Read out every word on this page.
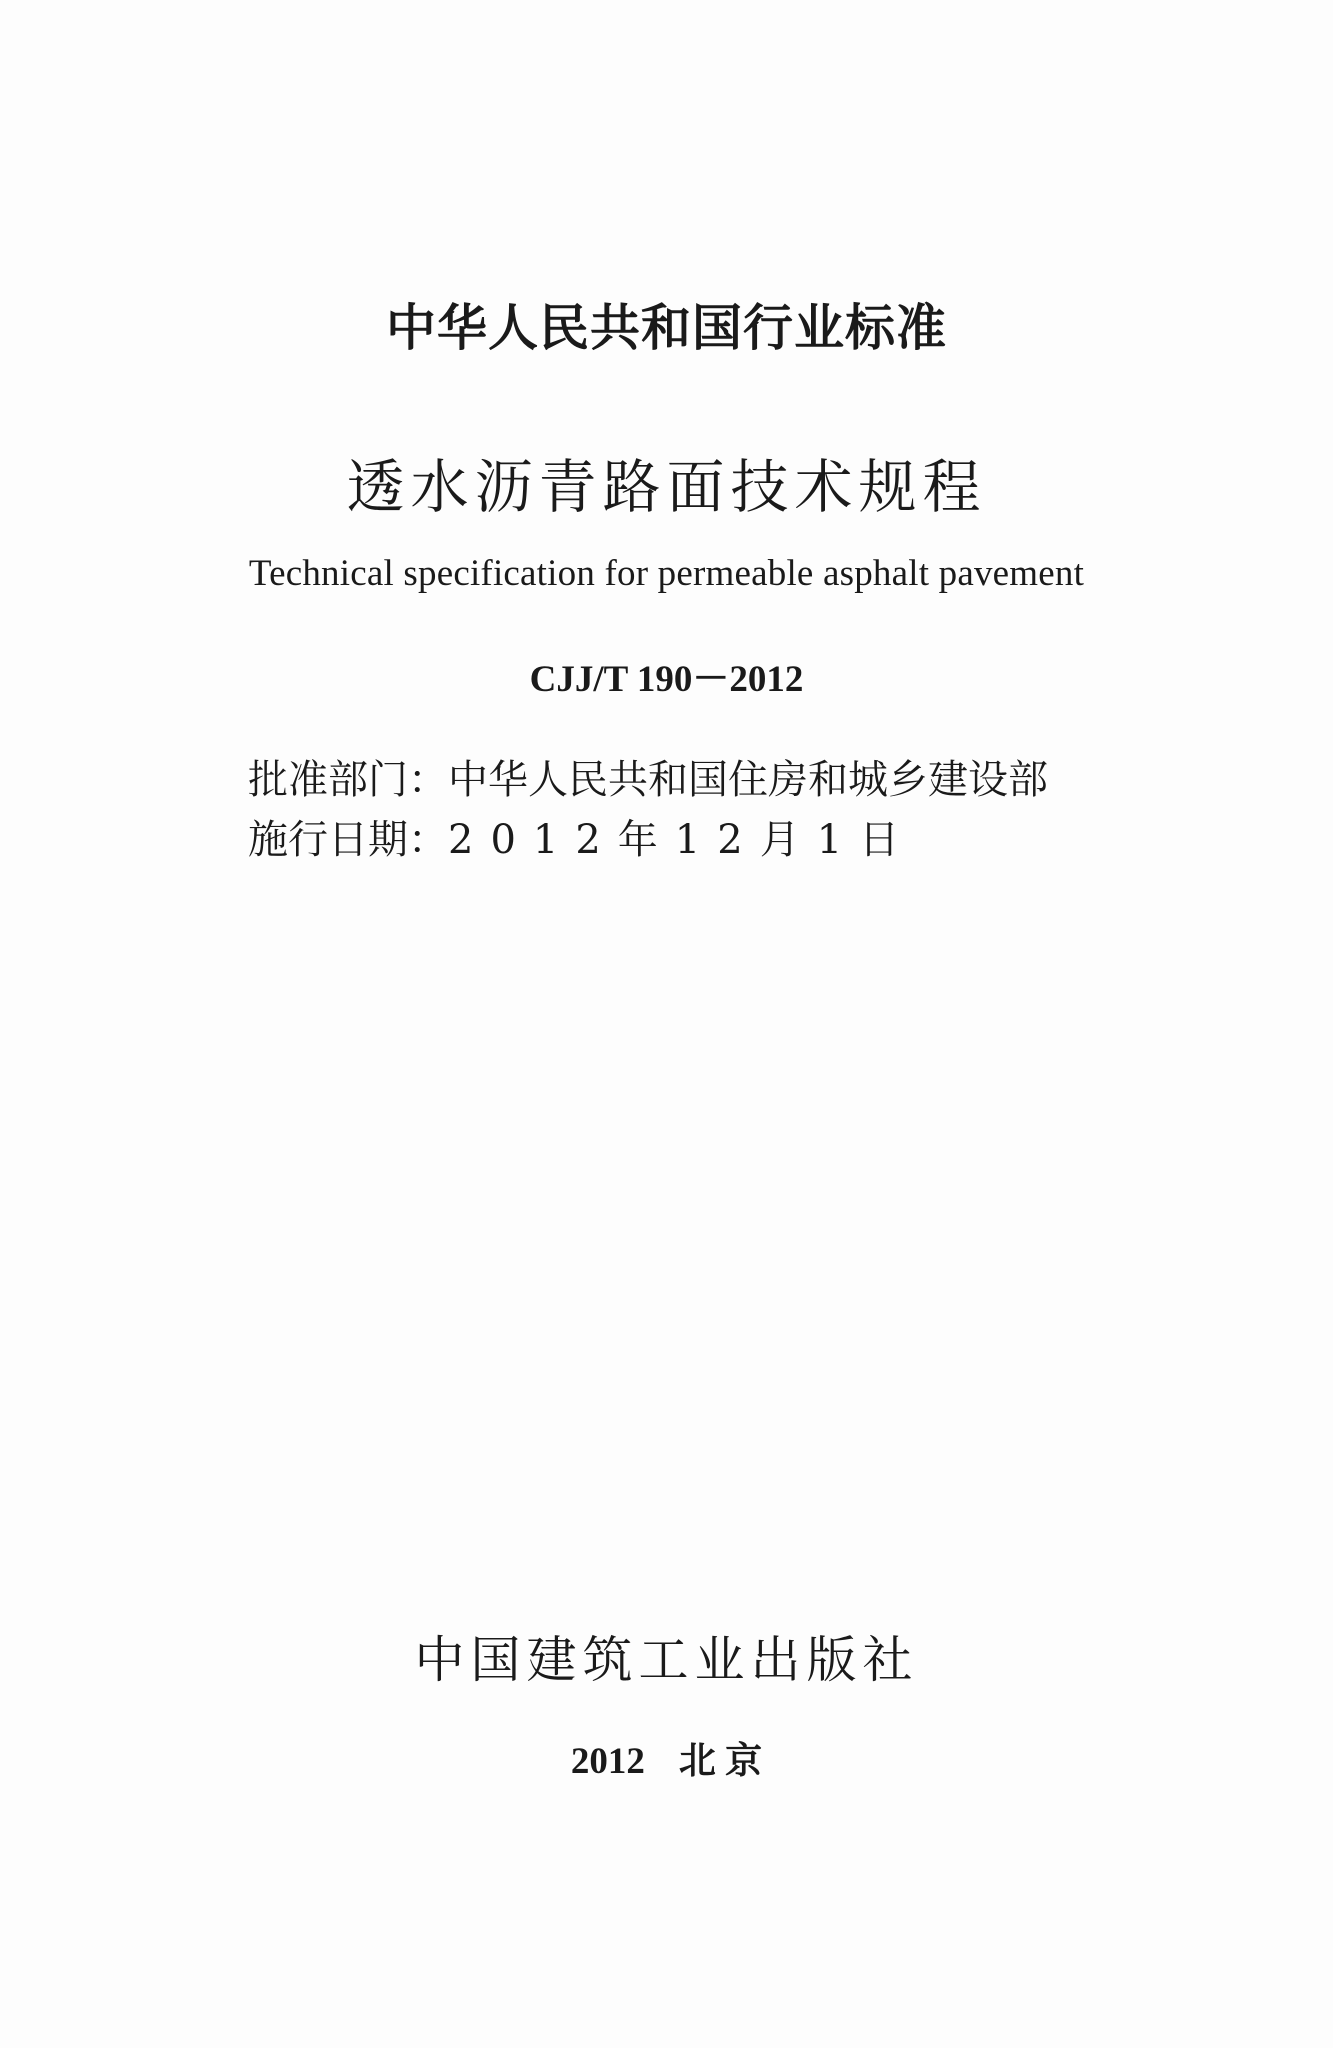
中华人民共和国行业标准
透水沥青路面技术规程
Technical specification for permeable asphalt pavement
CJJ/T 190－2012
批准部门：中华人民共和国住房和城乡建设部
施行日期：2012年12月1日
中国建筑工业出版社
2012 北 京
